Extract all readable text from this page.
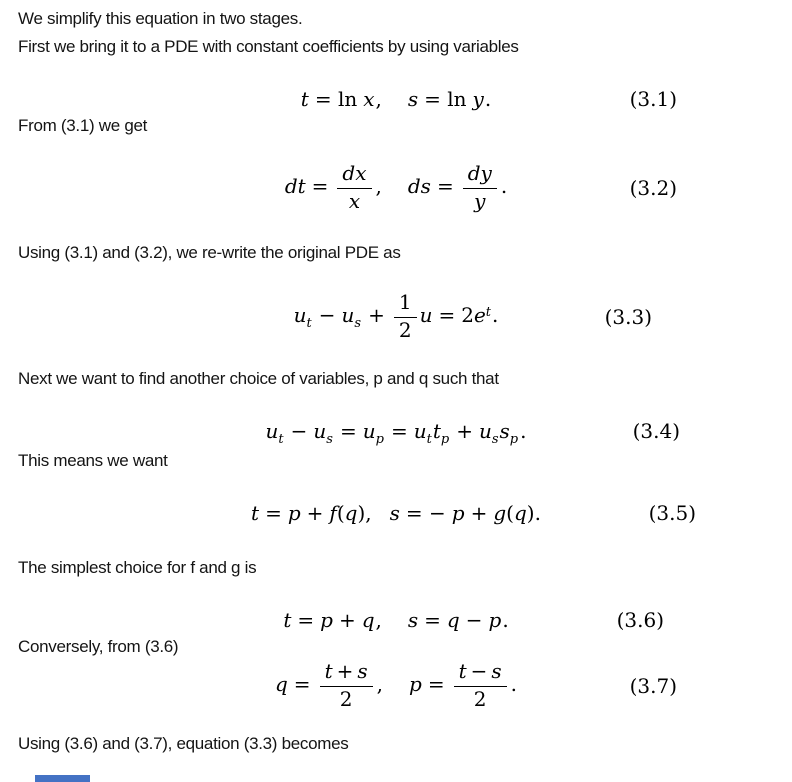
We simplify this equation in two stages.

First we bring it to a PDE with constant coefficients by using variables

t = ln x, s = ln y.	(3.1)

From (3.1) we get

dt = $\frac{dx}{x}$ , ds = $\frac{dy}{y}$ .	(3.2)

Using (3.1) and (3.2), we re-write the original PDE as

$u_t - u_s + \frac{1}{2}$ $u = 2e^t$.	(3.3)

Next we want to find another choice of variables, p and q such that

$u_t - u_s = u_p = u_tt_p + u_ss_p$ .	(3.4)

This means we want

t = p + f(q), s = − p + g(q).	(3.5)

The simplest choice for f and g is

t = p + q, s = q − p.	(3.6)

Conversely, from (3.6)

$q = \frac{t + s}{2}$ , $p = \frac{t - s}{2}$ .	(3.7)

Using (3.6) and (3.7), equation (3.3) becomes
